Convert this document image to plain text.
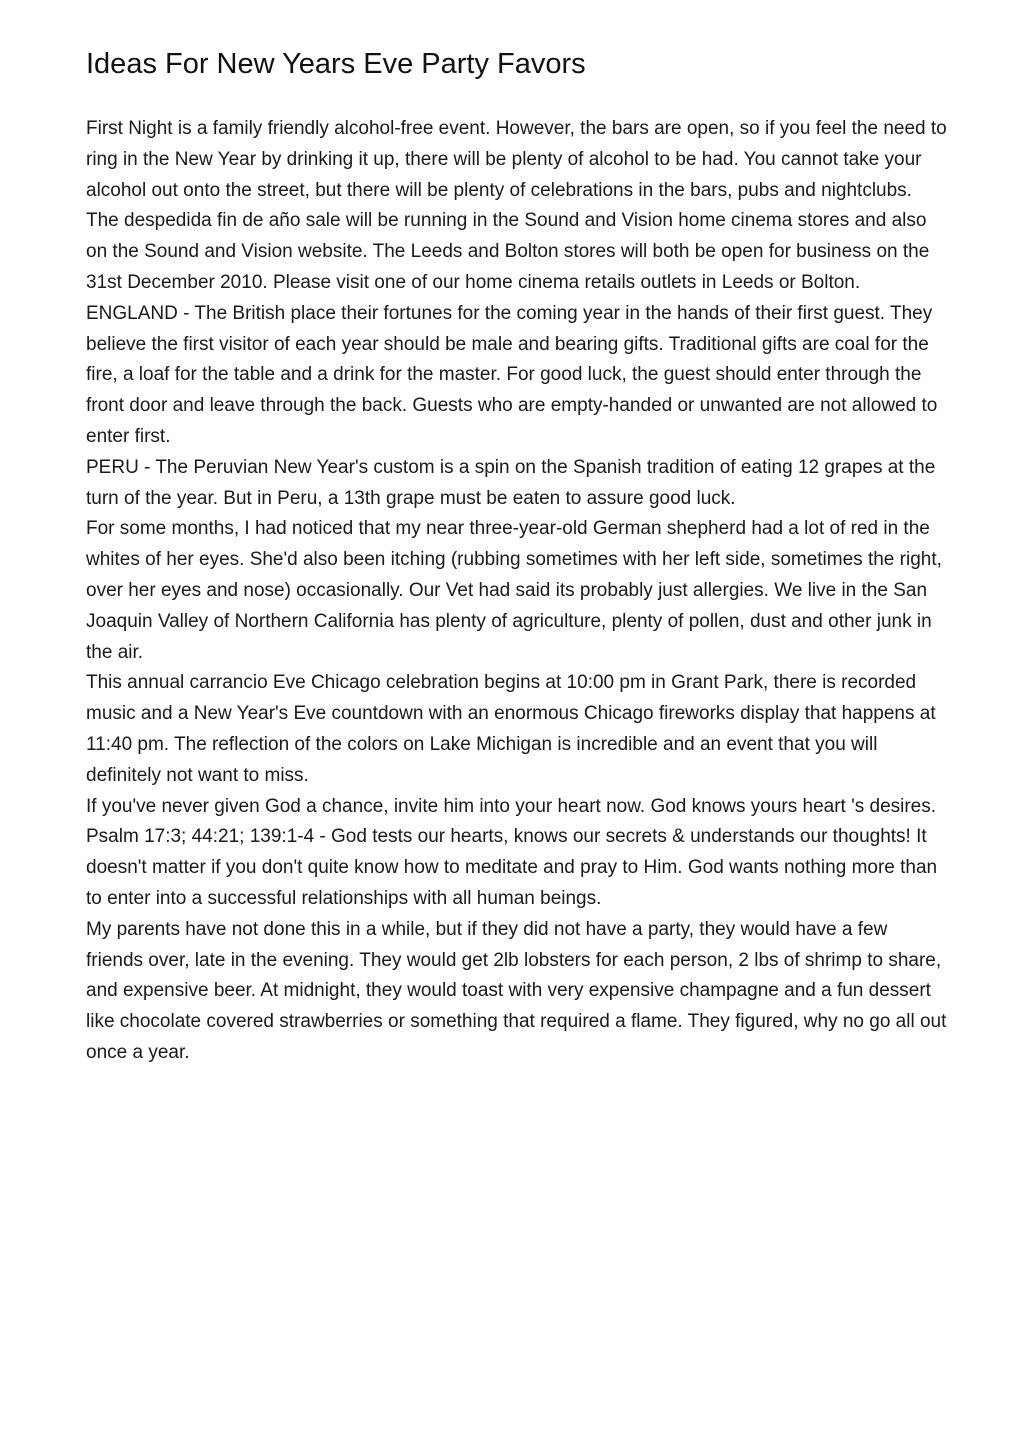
Ideas For New Years Eve Party Favors

First Night is a family friendly alcohol-free event. However, the bars are open, so if you feel the need to ring in the New Year by drinking it up, there will be plenty of alcohol to be had. You cannot take your alcohol out onto the street, but there will be plenty of celebrations in the bars, pubs and nightclubs.

The despedida fin de año sale will be running in the Sound and Vision home cinema stores and also on the Sound and Vision website. The Leeds and Bolton stores will both be open for business on the 31st December 2010. Please visit one of our home cinema retails outlets in Leeds or Bolton.

ENGLAND - The British place their fortunes for the coming year in the hands of their first guest. They believe the first visitor of each year should be male and bearing gifts. Traditional gifts are coal for the fire, a loaf for the table and a drink for the master. For good luck, the guest should enter through the front door and leave through the back. Guests who are empty-handed or unwanted are not allowed to enter first.

PERU - The Peruvian New Year's custom is a spin on the Spanish tradition of eating 12 grapes at the turn of the year. But in Peru, a 13th grape must be eaten to assure good luck.

For some months, I had noticed that my near three-year-old German shepherd had a lot of red in the whites of her eyes. She'd also been itching (rubbing sometimes with her left side, sometimes the right, over her eyes and nose) occasionally. Our Vet had said its probably just allergies. We live in the San Joaquin Valley of Northern California has plenty of agriculture, plenty of pollen, dust and other junk in the air.

This annual carrancio Eve Chicago celebration begins at 10:00 pm in Grant Park, there is recorded music and a New Year's Eve countdown with an enormous Chicago fireworks display that happens at 11:40 pm. The reflection of the colors on Lake Michigan is incredible and an event that you will definitely not want to miss.

If you've never given God a chance, invite him into your heart now. God knows yours heart 's desires. Psalm 17:3; 44:21; 139:1-4 - God tests our hearts, knows our secrets & understands our thoughts! It doesn't matter if you don't quite know how to meditate and pray to Him. God wants nothing more than to enter into a successful relationships with all human beings.

My parents have not done this in a while, but if they did not have a party, they would have a few friends over, late in the evening. They would get 2lb lobsters for each person, 2 lbs of shrimp to share, and expensive beer. At midnight, they would toast with very expensive champagne and a fun dessert like chocolate covered strawberries or something that required a flame. They figured, why no go all out once a year.
